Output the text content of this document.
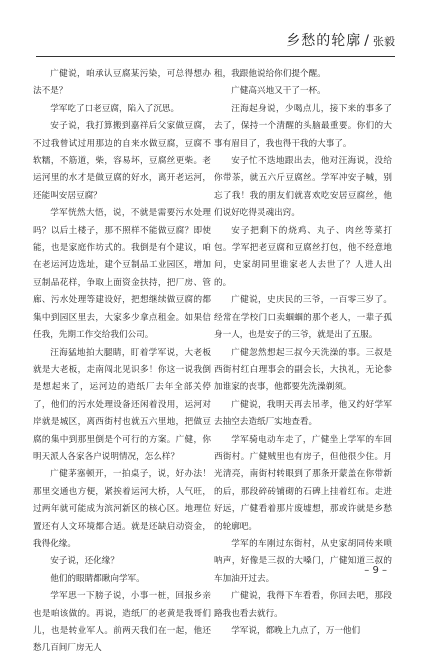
乡愁的轮廓 / 张毅

广健说，咱承认豆腐某污染，可总得想办法不是？

学军吃了口老豆腐，陷入了沉思。

安子说，我打算搬到嘉祥后父家做豆腐，不过我曾试过用那边的自来水做豆腐，豆腐不软糯，不筋道，柴，容易坏，豆腐丝更柴。老运河里的水才是做豆腐的好水，离开老运河，还能叫安居豆腐？

学军恍然大悟，说，不就是需要污水处理吗？以后土楼子，那不照样不能做豆腐？即使能，也是家庭作坊式的。我倒是有个建议，咱在老运河边选址，建个豆制品工业园区，增加豆制品花样，争取上面资金扶持，把厂房、管廊、污水处理等建设好，把想继续做豆腐的都集中到园区里去，大家多少拿点租金。如果信任我，先期工作交给我们公司。

汪海猛地拍大腿睛，盯着学军说，大老板就是大老板，走南闯北见识多！你这一说我倒是想起来了，运河边的造纸厂去年全部关停了，他们的污水处理设备还闲着没用，运河对岸就是城区，离西街村也就五六里地，把做豆腐的集中到那里倒是个可行的方案。广健，你明天派人各家各户说明情况，怎么样？

广健茅塞顿开，一拍桌子，说，好办法！那里交通也方便，紧挨着运河大桥，人气旺，过两年就可能成为滨河新区的核心区。地理位置还有人文环境都合适。就是还缺启动资金，我得化缘。

安子说，还化缘？

他们的眼睛都瞅向学军。

学军思一下膀子说，小事一桩，回报乡亲也是咱该做的。再说，造纸厂的老黄是我哥们儿，也是转业军人。前两天我们在一起，他还愁几百间厂房无人

租，我跟他说给你们提个醒。

广健高兴地又干了一杯。

汪海起身说，少喝点儿，接下来的事多了去了，保持一个清醒的头脑最重要。你们的大事有眉目了，我也得干我的大事了。

安子忙不迭地跟出去，他对汪海说，没给你带茶，就五六斤豆腐丝。学军冲安子喊，别忘了我！我的朋友们就喜欢吃安居豆腐丝，他们说好吃得灵魂出窍。

安子把剩下的烧鸡、丸子、肉丝等菜打包。学军把老豆腐和豆腐丝打包，他不经意地问，史家胡同里谁家老人去世了？人进人出的。

广健说，史庆民的三爷，一百零三岁了。经常在学校门口卖蝈蝈的那个老人，一辈子孤身一人，也是安子的三爷，就是出了五服。

广健忽然想起三叔今天洗澡的事。三叔是西街村红白理事会的副会长，大执礼，无论参加谁家的丧事，他都要先洗澡剃须。

广健说，我明天再去吊孝，他又约好学军去抽空去造纸厂实地查看。

学军骑电动车走了，广健坐上学军的车回西街村。广健贼里也有房子，但他很少住。月光清亮，南街村转眼到了那条开蒙盖在你带新的后，那段碎砖铺砌的石碑上挂着红布。走进好远，广健看着那片废墟想，那或许就是乡愁的轮廓吧。

学军的车刚过东街村，从史家胡同传来唢呐声，好像是三叔的大嗓门，广健知道三叔的车加油开过去。

广健说，我得下车看看，你回去吧，那段路我也看去就行。

学军说，都晚上九点了，万一他们

– 9 –
